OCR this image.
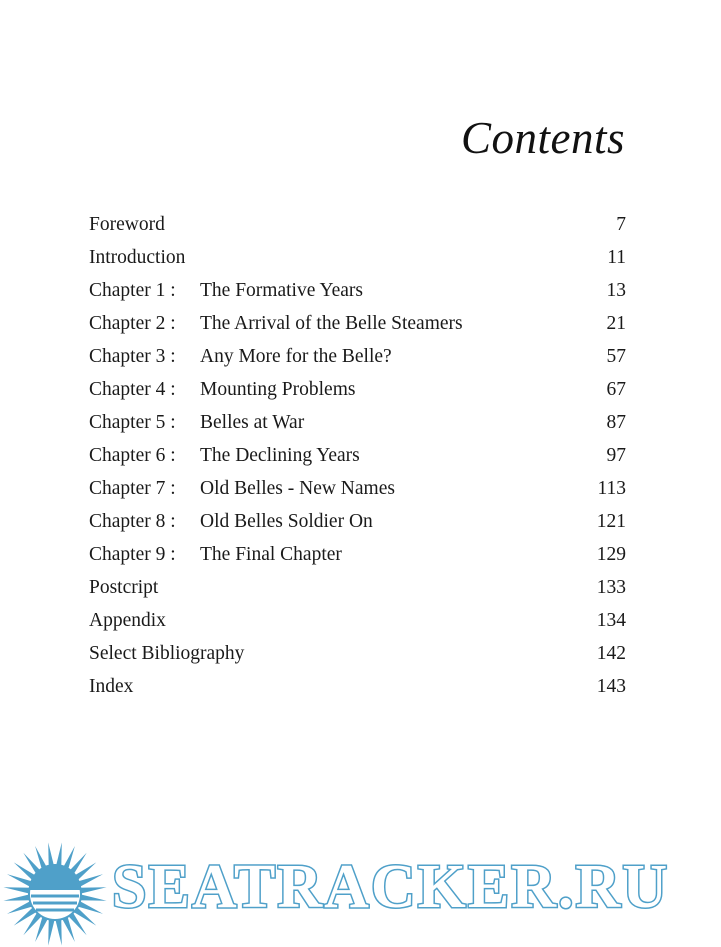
Contents
Foreword	7
Introduction	11
Chapter 1 : The Formative Years	13
Chapter 2 : The Arrival of the Belle Steamers	21
Chapter 3 : Any More for the Belle?	57
Chapter 4 : Mounting Problems	67
Chapter 5 : Belles at War	87
Chapter 6 : The Declining Years	97
Chapter 7 : Old Belles - New Names	113
Chapter 8 : Old Belles Soldier On	121
Chapter 9 : The Final Chapter	129
Postcript	133
Appendix	134
Select Bibliography	142
Index	143
SEATRACKER.RU
